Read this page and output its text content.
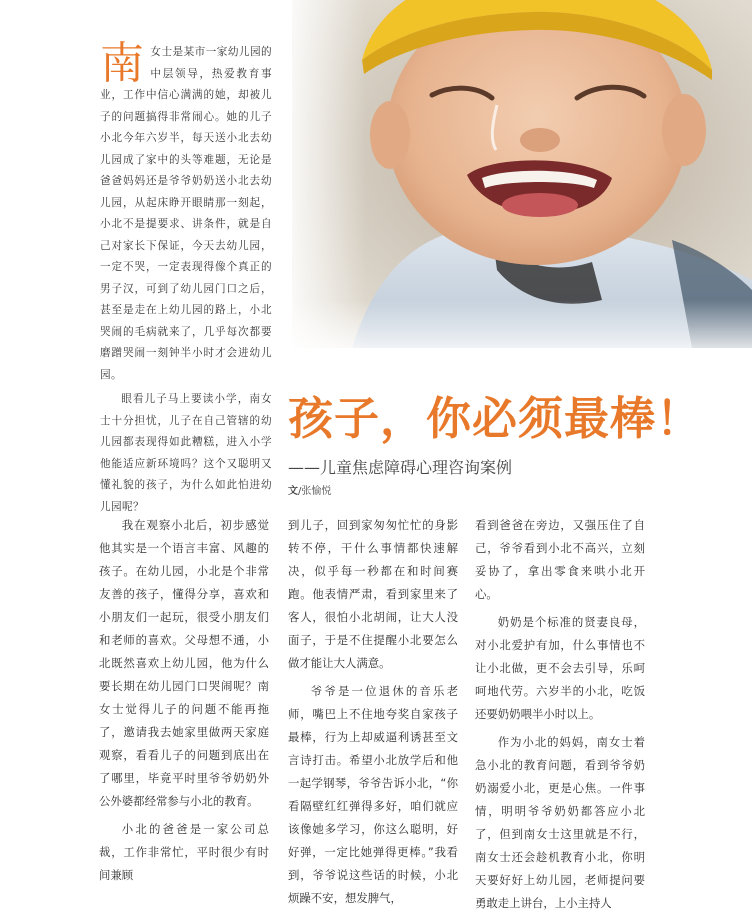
南女士是某市一家幼儿园的中层领导，热爱教育事业，工作中信心满满的她，却被儿子的问题搞得非常闹心。她的儿子小北今年六岁半，每天送小北去幼儿园成了家中的头等难题，无论是爸爸妈妈还是爷爷奶奶送小北去幼儿园，从起床睁开眼睛那一刻起，小北不是提要求、讲条件，就是自己对家长下保证，今天去幼儿园，一定不哭，一定表现得像个真正的男子汉，可到了幼儿园门口之后，甚至是走在上幼儿园的路上，小北哭闹的毛病就来了，几乎每次都要磨蹭哭闹一刻钟半小时才会进幼儿园。

眼看儿子马上要读小学，南女士十分担忧，儿子在自己管辖的幼儿园都表现得如此糟糕，进入小学他能适应新环境吗？这个又聪明又懂礼貌的孩子，为什么如此怕进幼儿园呢？

孩子，你必须最棒！
——儿童焦虑障碍心理咨询案例
文/张愉悦

我在观察小北后，初步感觉他其实是一个语言丰富、风趣的孩子。在幼儿园，小北是个非常友善的孩子，懂得分享，喜欢和小朋友们一起玩，很受小朋友们和老师的喜欢。父母想不通，小北既然喜欢上幼儿园，他为什么要长期在幼儿园门口哭闹呢？南女士觉得儿子的问题不能再拖了，邀请我去她家里做两天家庭观察，看看儿子的问题到底出在了哪里，毕竟平时里爷爷奶奶外公外婆都经常参与小北的教育。

小北的爸爸是一家公司总裁，工作非常忙，平时很少有时间兼顾

到儿子，回到家匆匆忙忙的身影转不停，干什么事情都快速解决，似乎每一秒都在和时间赛跑。他表情严肃，看到家里来了客人，很怕小北胡闹，让大人没面子，于是不住提醒小北要怎么做才能让大人满意。

爷爷是一位退休的音乐老师，嘴巴上不住地夸奖自家孩子最棒，行为上却威逼利诱甚至文言诗打击。希望小北放学后和他一起学钢琴，爷爷告诉小北，“你看隔壁红红弹得多好，咱们就应该像她多学习，你这么聪明，好好弹，一定比她弹得更棒。”我看到，爷爷说这些话的时候，小北烦躁不安，想发脾气，

看到爸爸在旁边，又强压住了自己，爷爷看到小北不高兴，立刻妥协了，拿出零食来哄小北开心。

奶奶是个标准的贤妻良母，对小北爱护有加，什么事情也不让小北做，更不会去引导，乐呵呵地代劳。六岁半的小北，吃饭还要奶奶喂半小时以上。

作为小北的妈妈，南女士着急小北的教育问题，看到爷爷奶奶溺爱小北，更是心焦。一件事情，明明爷爷奶奶都答应小北了，但到南女士这里就是不行，南女士还会趁机教育小北，你明天要好好上幼儿园，老师提问要勇敢走上讲台，上小主持人
